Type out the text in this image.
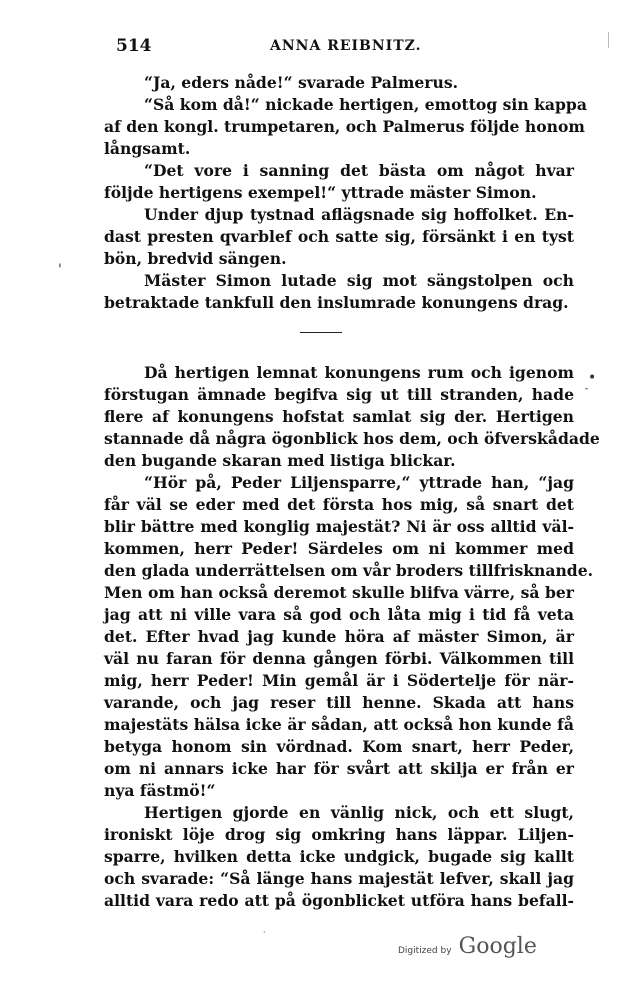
514	ANNA REIBNITZ.
“Ja, eders nåde!“ svarade Palmerus.
“Så kom då!“ nickade hertigen, emottog sin kappa
af den kongl. trumpetaren, och Palmerus följde honom
långsamt.
“Det vore i sanning det bästa om något hvar
följde hertigens exempel!“ yttrade mäster Simon.
Under djup tystnad aflägsnade sig hoffolket. En-
dast presten qvarblef och satte sig, försänkt i en tyst
bön, bredvid sängen.
Mäster Simon lutade sig mot sängstolpen och
betraktade tankfull den inslumrade konungens drag.
Då hertigen lemnat konungens rum och igenom
förstugan ämnade begifva sig ut till stranden, hade
flere af konungens hofstat samlat sig der. Hertigen
stannade då några ögonblick hos dem, och öfverskådade
den bugande skaran med listiga blickar.
“Hör på, Peder Liljensparre,“ yttrade han, “jag
får väl se eder med det första hos mig, så snart det
blir bättre med konglig majestät? Ni är oss alltid väl-
kommen, herr Peder! Särdeles om ni kommer med
den glada underrättelsen om vår broders tillfrisknande.
Men om han också deremot skulle blifva värre, så ber
jag att ni ville vara så god och låta mig i tid få veta
det. Efter hvad jag kunde höra af mäster Simon, är
väl nu faran för denna gången förbi. Välkommen till
mig, herr Peder! Min gemål är i Södertelje för när-
varande, och jag reser till henne. Skada att hans
majestäts hälsa icke är sådan, att också hon kunde få
betyga honom sin vördnad. Kom snart, herr Peder,
om ni annars icke har för svårt att skilja er från er
nya fästmö!“
Hertigen gjorde en vänlig nick, och ett slugt,
ironiskt löje drog sig omkring hans läppar. Liljen-
sparre, hvilken detta icke undgick, bugade sig kallt
och svarade: “Så länge hans majestät lefver, skall jag
alltid vara redo att på ögonblicket utföra hans befall-
ꞌ
•
ˉ
·
Digitized by Google
